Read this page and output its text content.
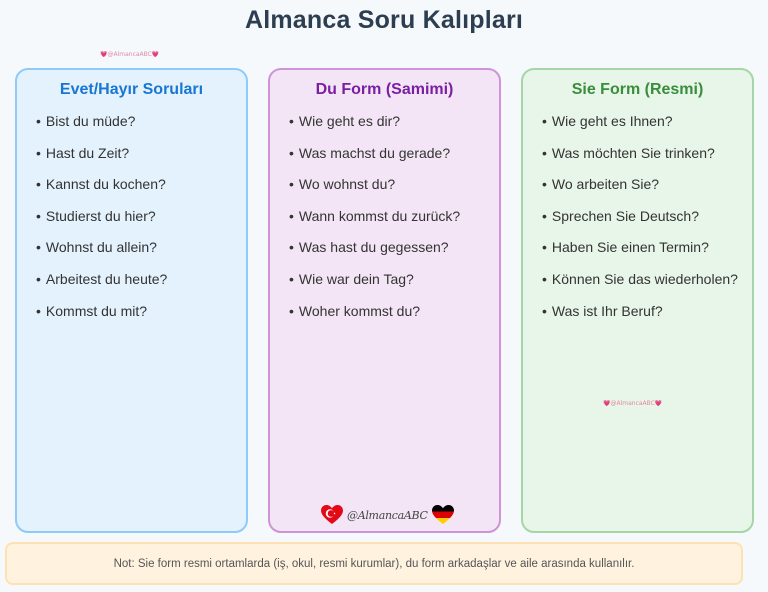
Almanca Soru Kalıpları
💗@AlmancaABC💗
Evet/Hayır Soruları
• Bist du müde?
• Hast du Zeit?
• Kannst du kochen?
• Studierst du hier?
• Wohnst du allein?
• Arbeitest du heute?
• Kommst du mit?
Du Form (Samimi)
• Wie geht es dir?
• Was machst du gerade?
• Wo wohnst du?
• Wann kommst du zurück?
• Was hast du gegessen?
• Wie war dein Tag?
• Woher kommst du?
@AlmancaABC
Sie Form (Resmi)
• Wie geht es Ihnen?
• Was möchten Sie trinken?
• Wo arbeiten Sie?
• Sprechen Sie Deutsch?
• Haben Sie einen Termin?
• Können Sie das wiederholen?
• Was ist Ihr Beruf?
💗@AlmancaABC💗
Not: Sie form resmi ortamlarda (iş, okul, resmi kurumlar), du form arkadaşlar ve aile arasında kullanılır.
